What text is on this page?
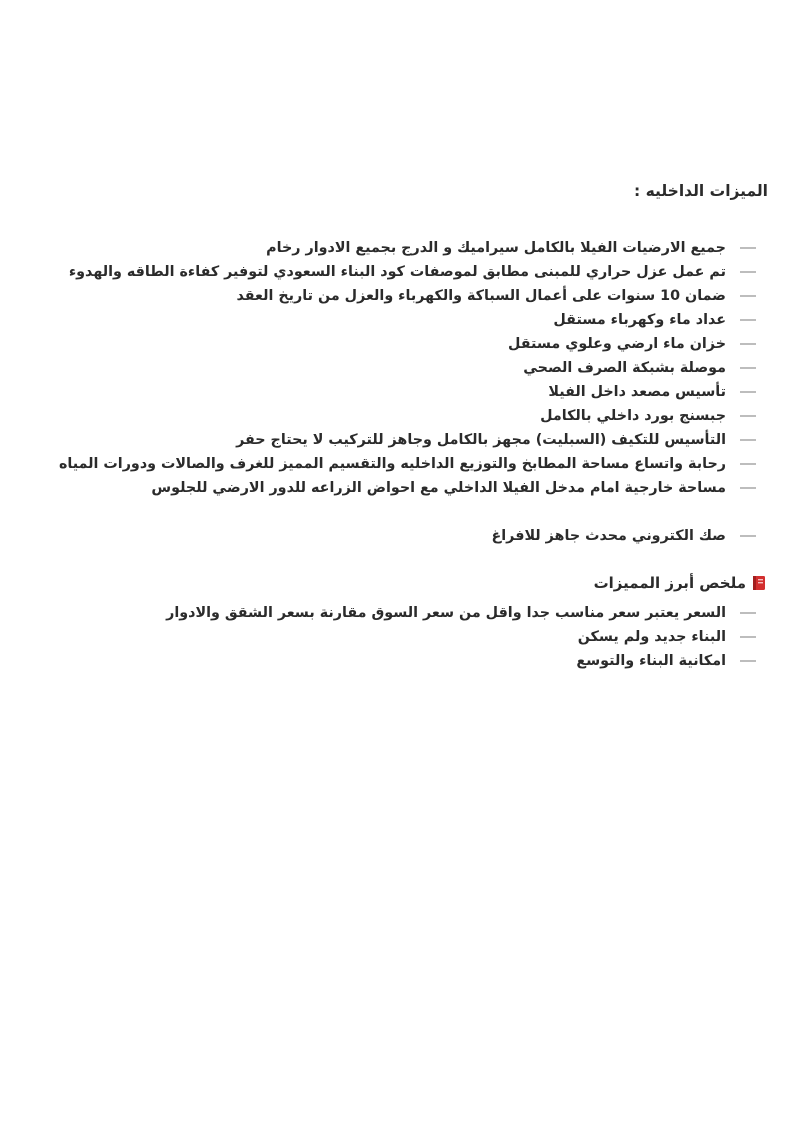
الميزات الداخليه :
جميع الارضيات الفيلا بالكامل سيراميك و الدرج بجميع الادوار رخام
تم عمل عزل حراري للمبنى مطابق لموصفات كود البناء السعودي لتوفير كفاءة الطاقه والهدوء
ضمان 10 سنوات على أعمال السباكة والكهرباء والعزل من تاريخ العقد
عداد ماء وكهرباء مستقل
خزان ماء ارضي وعلوي مستقل
موصلة بشبكة الصرف الصحي
تأسيس مصعد داخل الفيلا
جبسنج بورد داخلي بالكامل
التأسيس للتكيف (السبليت) مجهز بالكامل وجاهز للتركيب لا يحتاج حفر
رحابة واتساع مساحة المطابخ والتوزيع الداخليه والتقسيم المميز للغرف والصالات ودورات المياه
مساحة خارجية امام مدخل الفيلا الداخلي مع احواض الزراعه للدور الارضي للجلوس
صك الكتروني محدث جاهز للافراغ
ملخص أبرز المميزات
السعر يعتبر سعر مناسب جدا واقل من سعر السوق مقارنة بسعر الشقق والادوار
البناء جديد ولم يسكن
امكانية البناء والتوسع
